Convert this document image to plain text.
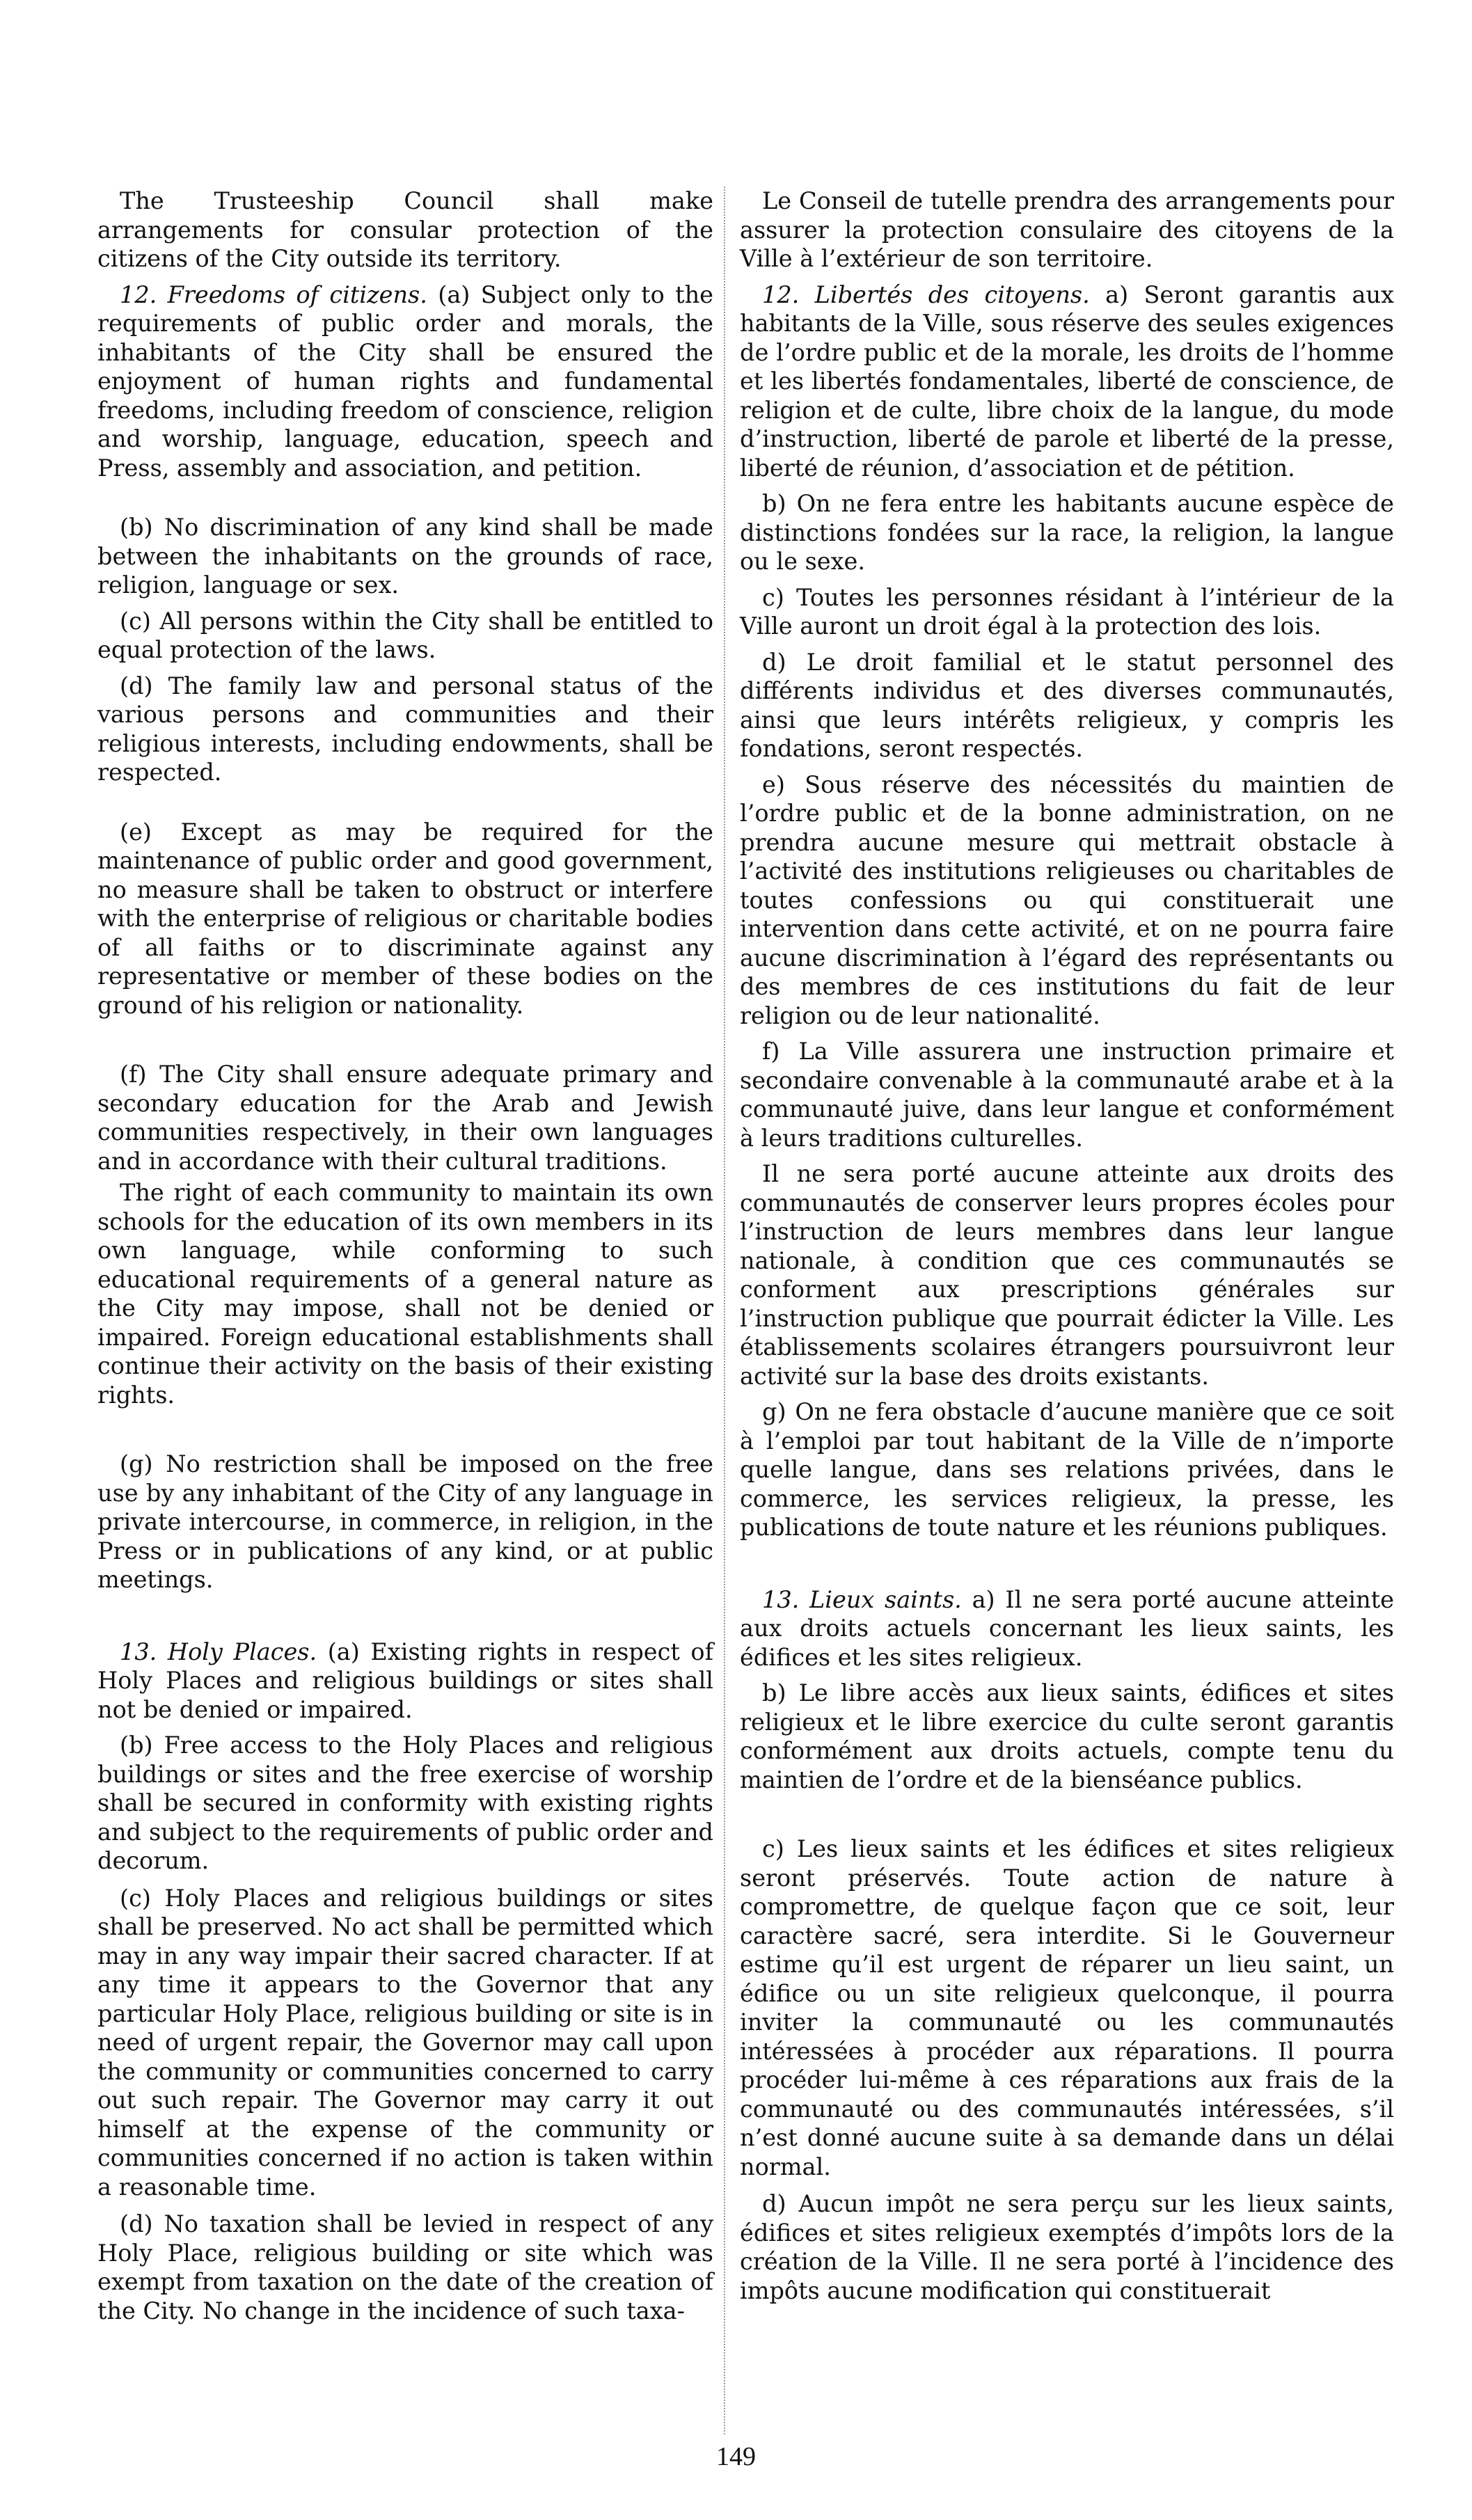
The Trusteeship Council shall make arrangements for consular protection of the citizens of the City outside its territory.

12. Freedoms of citizens. (a) Subject only to the requirements of public order and morals, the inhabitants of the City shall be ensured the enjoyment of human rights and fundamental freedoms, including freedom of conscience, religion and worship, language, education, speech and Press, assembly and association, and petition.

(b) No discrimination of any kind shall be made between the inhabitants on the grounds of race, religion, language or sex.

(c) All persons within the City shall be entitled to equal protection of the laws.

(d) The family law and personal status of the various persons and communities and their religious interests, including endowments, shall be respected.

(e) Except as may be required for the maintenance of public order and good government, no measure shall be taken to obstruct or interfere with the enterprise of religious or charitable bodies of all faiths or to discriminate against any representative or member of these bodies on the ground of his religion or nationality.

(f) The City shall ensure adequate primary and secondary education for the Arab and Jewish communities respectively, in their own languages and in accordance with their cultural traditions.

The right of each community to maintain its own schools for the education of its own members in its own language, while conforming to such educational requirements of a general nature as the City may impose, shall not be denied or impaired. Foreign educational establishments shall continue their activity on the basis of their existing rights.

(g) No restriction shall be imposed on the free use by any inhabitant of the City of any language in private intercourse, in commerce, in religion, in the Press or in publications of any kind, or at public meetings.

13. Holy Places. (a) Existing rights in respect of Holy Places and religious buildings or sites shall not be denied or impaired.

(b) Free access to the Holy Places and religious buildings or sites and the free exercise of worship shall be secured in conformity with existing rights and subject to the requirements of public order and decorum.

(c) Holy Places and religious buildings or sites shall be preserved. No act shall be permitted which may in any way impair their sacred character. If at any time it appears to the Governor that any particular Holy Place, religious building or site is in need of urgent repair, the Governor may call upon the community or communities concerned to carry out such repair. The Governor may carry it out himself at the expense of the community or communities concerned if no action is taken within a reasonable time.

(d) No taxation shall be levied in respect of any Holy Place, religious building or site which was exempt from taxation on the date of the creation of the City. No change in the incidence of such taxa-

Le Conseil de tutelle prendra des arrangements pour assurer la protection consulaire des citoyens de la Ville à l’extérieur de son territoire.

12. Libertés des citoyens. a) Seront garantis aux habitants de la Ville, sous réserve des seules exigences de l’ordre public et de la morale, les droits de l’homme et les libertés fondamentales, liberté de conscience, de religion et de culte, libre choix de la langue, du mode d’instruction, liberté de parole et liberté de la presse, liberté de réunion, d’association et de pétition.

b) On ne fera entre les habitants aucune espèce de distinctions fondées sur la race, la religion, la langue ou le sexe.

c) Toutes les personnes résidant à l’intérieur de la Ville auront un droit égal à la protection des lois.

d) Le droit familial et le statut personnel des différents individus et des diverses communautés, ainsi que leurs intérêts religieux, y compris les fondations, seront respectés.

e) Sous réserve des nécessités du maintien de l’ordre public et de la bonne administration, on ne prendra aucune mesure qui mettrait obstacle à l’activité des institutions religieuses ou charitables de toutes confessions ou qui constituerait une intervention dans cette activité, et on ne pourra faire aucune discrimination à l’égard des représentants ou des membres de ces institutions du fait de leur religion ou de leur nationalité.

f) La Ville assurera une instruction primaire et secondaire convenable à la communauté arabe et à la communauté juive, dans leur langue et conformément à leurs traditions culturelles.

Il ne sera porté aucune atteinte aux droits des communautés de conserver leurs propres écoles pour l’instruction de leurs membres dans leur langue nationale, à condition que ces communautés se conforment aux prescriptions générales sur l’instruction publique que pourrait édicter la Ville. Les établissements scolaires étrangers poursuivront leur activité sur la base des droits existants.

g) On ne fera obstacle d’aucune manière que ce soit à l’emploi par tout habitant de la Ville de n’importe quelle langue, dans ses relations privées, dans le commerce, les services religieux, la presse, les publications de toute nature et les réunions publiques.

13. Lieux saints. a) Il ne sera porté aucune atteinte aux droits actuels concernant les lieux saints, les édifices et les sites religieux.

b) Le libre accès aux lieux saints, édifices et sites religieux et le libre exercice du culte seront garantis conformément aux droits actuels, compte tenu du maintien de l’ordre et de la bienséance publics.

c) Les lieux saints et les édifices et sites religieux seront préservés. Toute action de nature à compromettre, de quelque façon que ce soit, leur caractère sacré, sera interdite. Si le Gouverneur estime qu’il est urgent de réparer un lieu saint, un édifice ou un site religieux quelconque, il pourra inviter la communauté ou les communautés intéressées à procéder aux réparations. Il pourra procéder lui-même à ces réparations aux frais de la communauté ou des communautés intéressées, s’il n’est donné aucune suite à sa demande dans un délai normal.

d) Aucun impôt ne sera perçu sur les lieux saints, édifices et sites religieux exemptés d’impôts lors de la création de la Ville. Il ne sera porté à l’incidence des impôts aucune modification qui constituerait

149
